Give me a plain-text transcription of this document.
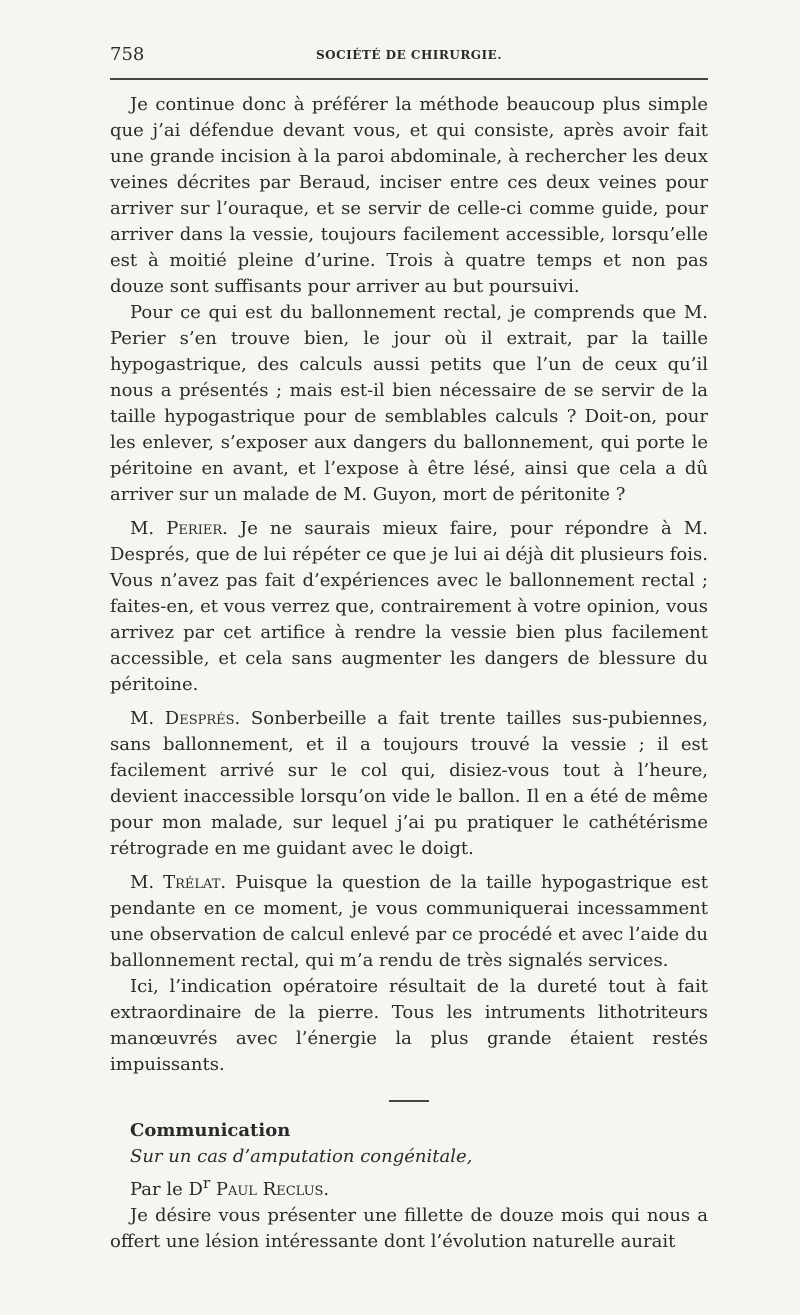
758	SOCIÉTÉ DE CHIRURGIE.

Je continue donc à préférer la méthode beaucoup plus simple que j’ai défendue devant vous, et qui consiste, après avoir fait une grande incision à la paroi abdominale, à rechercher les deux veines décrites par Beraud, inciser entre ces deux veines pour arriver sur l’ouraque, et se servir de celle-ci comme guide, pour arriver dans la vessie, toujours facilement accessible, lorsqu’elle est à moitié pleine d’urine. Trois à quatre temps et non pas douze sont suffisants pour arriver au but poursuivi.

Pour ce qui est du ballonnement rectal, je comprends que M. Perier s’en trouve bien, le jour où il extrait, par la taille hypogastrique, des calculs aussi petits que l’un de ceux qu’il nous a présentés ; mais est-il bien nécessaire de se servir de la taille hypogastrique pour de semblables calculs ? Doit-on, pour les enlever, s’exposer aux dangers du ballonnement, qui porte le péritoine en avant, et l’expose à être lésé, ainsi que cela a dû arriver sur un malade de M. Guyon, mort de péritonite ?

M. Perier. Je ne saurais mieux faire, pour répondre à M. Després, que de lui répéter ce que je lui ai déjà dit plusieurs fois. Vous n’avez pas fait d’expériences avec le ballonnement rectal ; faites-en, et vous verrez que, contrairement à votre opinion, vous arrivez par cet artifice à rendre la vessie bien plus facilement accessible, et cela sans augmenter les dangers de blessure du péritoine.

M. Després. Sonberbeille a fait trente tailles sus-pubiennes, sans ballonnement, et il a toujours trouvé la vessie ; il est facilement arrivé sur le col qui, disiez-vous tout à l’heure, devient inaccessible lorsqu’on vide le ballon. Il en a été de même pour mon malade, sur lequel j’ai pu pratiquer le cathétérisme rétrograde en me guidant avec le doigt.

M. Trélat. Puisque la question de la taille hypogastrique est pendante en ce moment, je vous communiquerai incessamment une observation de calcul enlevé par ce procédé et avec l’aide du ballonnement rectal, qui m’a rendu de très signalés services.

Ici, l’indication opératoire résultait de la dureté tout à fait extraordinaire de la pierre. Tous les intruments lithotriteurs manœuvrés avec l’énergie la plus grande étaient restés impuissants.

Communication

Sur un cas d’amputation congénitale,

Par le $D^r$ Paul Reclus.

Je désire vous présenter une fillette de douze mois qui nous a offert une lésion intéressante dont l’évolution naturelle aurait
